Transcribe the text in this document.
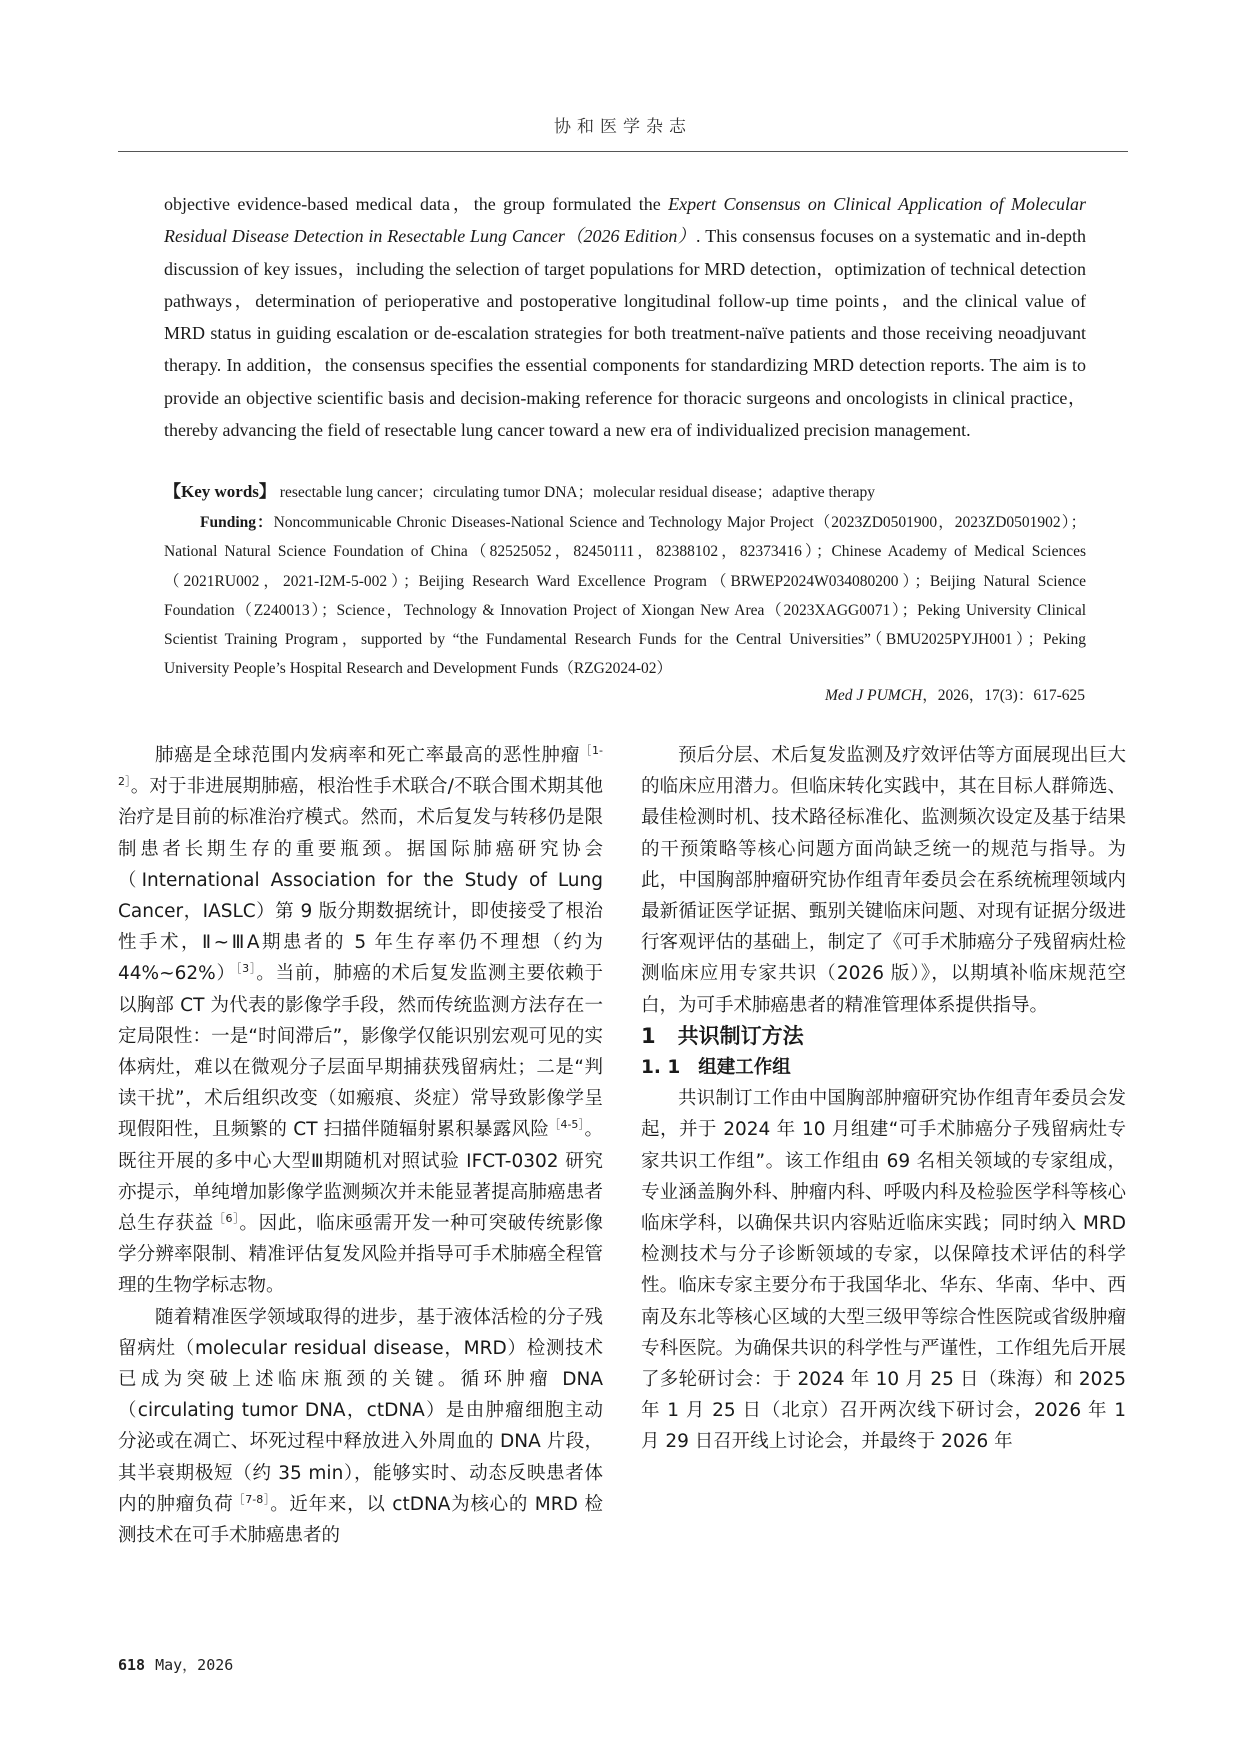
协和医学杂志

objective evidence-based medical data，the group formulated the Expert Consensus on Clinical Application of Molecular Residual Disease Detection in Resectable Lung Cancer（2026 Edition）. This consensus focuses on a systematic and in-depth discussion of key issues，including the selection of target populations for MRD detection，optimization of technical detection pathways，determination of perioperative and postoperative longitudinal follow-up time points，and the clinical value of MRD status in guiding escalation or de-escalation strategies for both treatment-naïve patients and those receiving neoadjuvant therapy. In addition，the consensus specifies the essential components for standardizing MRD detection reports. The aim is to provide an objective scientific basis and decision-making reference for thoracic surgeons and oncologists in clinical practice，thereby advancing the field of resectable lung cancer toward a new era of individualized precision management.

【Key words】 resectable lung cancer；circulating tumor DNA；molecular residual disease；adaptive therapy

Funding：Noncommunicable Chronic Diseases-National Science and Technology Major Project（2023ZD0501900，2023ZD0501902）；National Natural Science Foundation of China（82525052，82450111，82388102，82373416）；Chinese Academy of Medical Sciences（2021RU002，2021-I2M-5-002）；Beijing Research Ward Excellence Program（BRWEP2024W034080200）；Beijing Natural Science Foundation（Z240013）；Science，Technology & Innovation Project of Xiongan New Area（2023XAGG0071）；Peking University Clinical Scientist Training Program，supported by “the Fundamental Research Funds for the Central Universities”（BMU2025PYJH001）；Peking University People’s Hospital Research and Development Funds（RZG2024-02）

Med J PUMCH，2026，17(3)：617-625

肺癌是全球范围内发病率和死亡率最高的恶性肿瘤$^{[1-2]}$。对于非进展期肺癌，根治性手术联合/不联合围术期其他治疗是目前的标准治疗模式。然而，术后复发与转移仍是限制患者长期生存的重要瓶颈。据国际肺癌研究协会（International Association for the Study of Lung Cancer，IASLC）第 9 版分期数据统计，即使接受了根治性手术，Ⅱ~ⅢA期患者的 5 年生存率仍不理想（约为 44%~62%）$^{[3]}$。当前，肺癌的术后复发监测主要依赖于以胸部 CT 为代表的影像学手段，然而传统监测方法存在一定局限性：一是“时间滞后”，影像学仅能识别宏观可见的实体病灶，难以在微观分子层面早期捕获残留病灶；二是“判读干扰”，术后组织改变（如瘢痕、炎症）常导致影像学呈现假阳性，且频繁的 CT 扫描伴随辐射累积暴露风险$^{[4-5]}$。既往开展的多中心大型Ⅲ期随机对照试验 IFCT-0302 研究亦提示，单纯增加影像学监测频次并未能显著提高肺癌患者总生存获益$^{[6]}$。因此，临床亟需开发一种可突破传统影像学分辨率限制、精准评估复发风险并指导可手术肺癌全程管理的生物学标志物。

随着精准医学领域取得的进步，基于液体活检的分子残留病灶（molecular residual disease，MRD）检测技术已成为突破上述临床瓶颈的关键。循环肿瘤 DNA（circulating tumor DNA，ctDNA）是由肿瘤细胞主动分泌或在凋亡、坏死过程中释放进入外周血的 DNA 片段，其半衰期极短（约 35 min），能够实时、动态反映患者体内的肿瘤负荷$^{[7-8]}$。近年来，以 ctDNA为核心的 MRD 检测技术在可手术肺癌患者的

预后分层、术后复发监测及疗效评估等方面展现出巨大的临床应用潜力。但临床转化实践中，其在目标人群筛选、最佳检测时机、技术路径标准化、监测频次设定及基于结果的干预策略等核心问题方面尚缺乏统一的规范与指导。为此，中国胸部肿瘤研究协作组青年委员会在系统梳理领域内最新循证医学证据、甄别关键临床问题、对现有证据分级进行客观评估的基础上，制定了《可手术肺癌分子残留病灶检测临床应用专家共识（2026 版）》，以期填补临床规范空白，为可手术肺癌患者的精准管理体系提供指导。

1 共识制订方法

1. 1 组建工作组

共识制订工作由中国胸部肿瘤研究协作组青年委员会发起，并于 2024 年 10 月组建“可手术肺癌分子残留病灶专家共识工作组”。该工作组由 69 名相关领域的专家组成，专业涵盖胸外科、肿瘤内科、呼吸内科及检验医学科等核心临床学科，以确保共识内容贴近临床实践；同时纳入 MRD 检测技术与分子诊断领域的专家，以保障技术评估的科学性。临床专家主要分布于我国华北、华东、华南、华中、西南及东北等核心区域的大型三级甲等综合性医院或省级肿瘤专科医院。为确保共识的科学性与严谨性，工作组先后开展了多轮研讨会：于 2024 年 10 月 25 日（珠海）和 2025 年 1 月 25 日（北京）召开两次线下研讨会，2026 年 1 月 29 日召开线上讨论会，并最终于 2026 年

618 May，2026
